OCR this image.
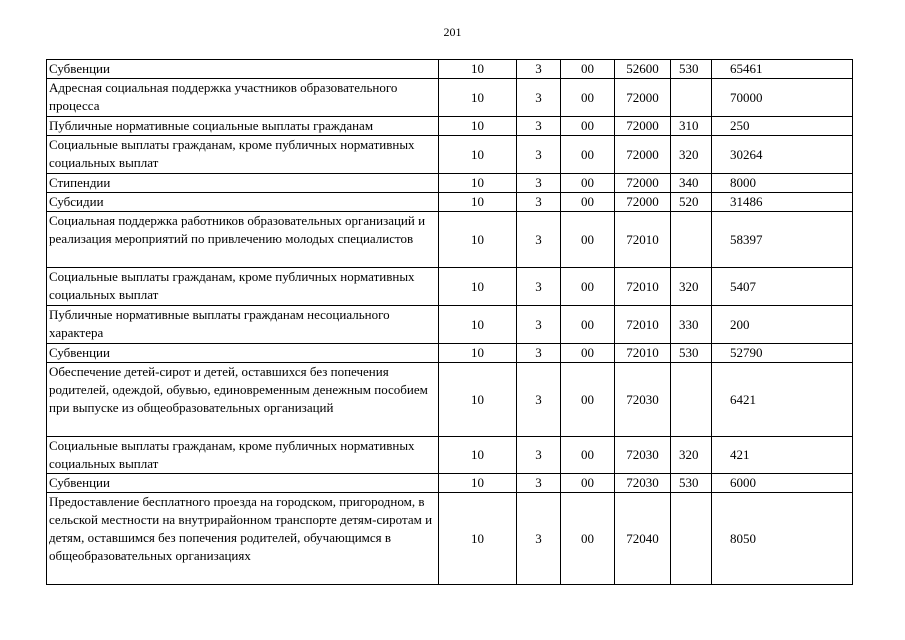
201
Субвенции	10	3	00	52600	530	65461
Адресная социальная поддержка участников образовательного процесса	10	3	00	72000		70000
Публичные нормативные социальные выплаты гражданам	10	3	00	72000	310	250
Социальные выплаты гражданам, кроме публичных нормативных социальных выплат	10	3	00	72000	320	30264
Стипендии	10	3	00	72000	340	8000
Субсидии	10	3	00	72000	520	31486
Социальная поддержка работников образовательных организаций и реализация мероприятий по привлечению молодых специалистов	10	3	00	72010		58397
Социальные выплаты гражданам, кроме публичных нормативных социальных выплат	10	3	00	72010	320	5407
Публичные нормативные выплаты гражданам несоциального характера	10	3	00	72010	330	200
Субвенции	10	3	00	72010	530	52790
Обеспечение детей-сирот и детей, оставшихся без попечения родителей, одеждой, обувью, единовременным денежным пособием при выпуске из общеобразовательных организаций	10	3	00	72030		6421
Социальные выплаты гражданам, кроме публичных нормативных социальных выплат	10	3	00	72030	320	421
Субвенции	10	3	00	72030	530	6000
Предоставление бесплатного проезда на городском, пригородном, в сельской местности на внутрирайонном транспорте детям-сиротам и детям, оставшимся без попечения родителей, обучающимся в общеобразовательных организациях	10	3	00	72040		8050
